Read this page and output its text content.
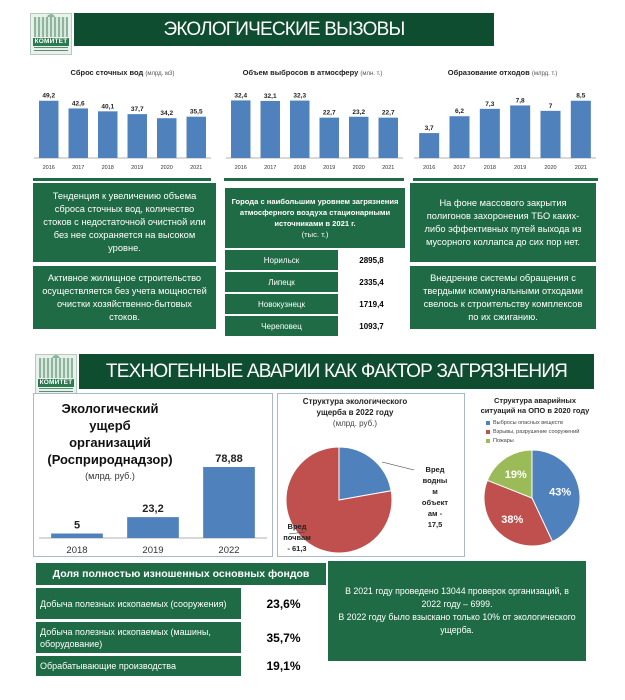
КОМИТЕТ
ЭКОЛОГИЧЕСКИЕ ВЫЗОВЫ
Сброс сточных вод (млрд. м3)
49,2
2016
42,6
2017
40,1
2018
37,7
2019
34,2
2020
35,5
2021
Объем выбросов в атмосферу (млн. т.)
32,4
2016
32,1
2017
32,3
2018
22,7
2019
23,2
2020
22,7
2021
Образование отходов (млрд. т.)
3,7
2016
6,2
2017
7,3
2018
7,8
2019
7
2020
8,5
2021
Тенденция к увеличению объема сброса сточных вод, количество стоков с недостаточной очистной или без нее сохраняется на высоком уровне.
Активное жилищное строительство осуществляется без учета мощностей очистки хозяйственно-бытовых стоков.
Города с наибольшим уровнем загрязнения атмосферного воздуха стационарными источниками в 2021 г.
(тыс. т.)
Норильск	2895,8
Липецк	2335,4
Новокузнецк	1719,4
Череповец	1093,7
На фоне массового закрытия полигонов захоронения ТБО каких-либо эффективных путей выхода из мусорного коллапса до сих пор нет.
Внедрение системы обращения с твердыми коммунальными отходами свелось к строительству комплексов по их сжиганию.
КОМИТЕТ
ТЕХНОГЕННЫЕ АВАРИИ КАК ФАКТОР ЗАГРЯЗНЕНИЯ
Экологический ущерб
организаций
(Росприроднадзор)
(млрд. руб.)
5
2018
23,2
2019
78,88
2022
Структура экологического
ущерба в 2022 году
(млрд. руб.)
Вред
водны
м
объект
ам -
17,5
Вред
почвам
- 61,3
Структура аварийных
ситуаций на ОПО в 2020 году
Выбросы опасных веществ
Взрывы, разрушение сооружений
Пожары
43%
38%
19%
Доля полностью изношенных основных фондов
Добыча полезных ископаемых (сооружения)	23,6%
Добыча полезных ископаемых (машины, оборудование)	35,7%
Обрабатывающие производства	19,1%
В 2021 году проведено 13044 проверок организаций, в 2022 году – 6999.
В 2022 году было взыскано только 10% от экологического ущерба.
